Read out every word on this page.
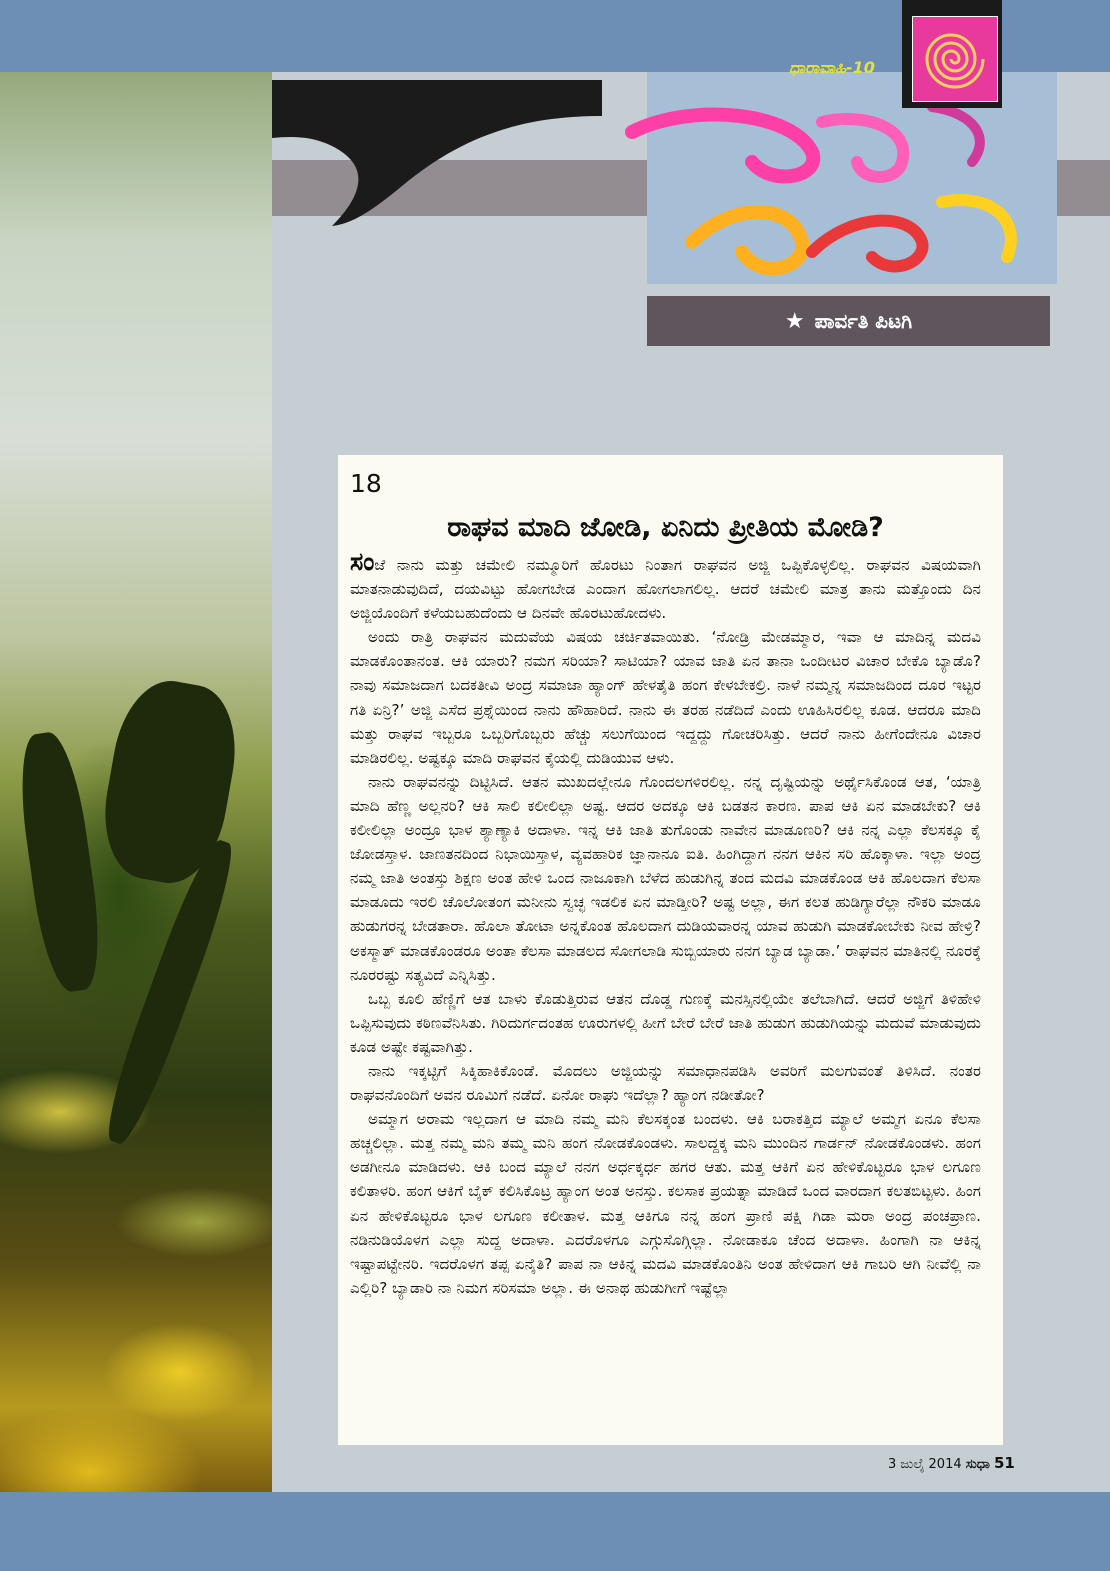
ಧಾರಾವಾಹಿ-10
★ ಪಾರ್ವತಿ ಪಿಟಗಿ
18
ರಾಘವ ಮಾದಿ ಜೋಡಿ, ಏನಿದು ಪ್ರೀತಿಯ ಮೋಡಿ?

ಸಂಜೆ ನಾನು ಮತ್ತು ಚಮೇಲಿ ನಮ್ಮೂರಿಗೆ ಹೊರಟು ನಿಂತಾಗ ರಾಘವನ ಅಜ್ಜಿ ಒಪ್ಪಿಕೊಳ್ಳಲಿಲ್ಲ. ರಾಘವನ ವಿಷಯವಾಗಿ ಮಾತನಾಡುವುದಿದೆ, ದಯವಿಟ್ಟು ಹೋಗಬೇಡ ಎಂದಾಗ ಹೋಗಲಾಗಲಿಲ್ಲ. ಆದರೆ ಚಮೇಲಿ ಮಾತ್ರ ತಾನು ಮತ್ತೊಂದು ದಿನ ಅಜ್ಜಿಯೊಂದಿಗೆ ಕಳೆಯಬಹುದೆಂದು ಆ ದಿನವೇ ಹೊರಟುಹೋದಳು.

ಅಂದು ರಾತ್ರಿ ರಾಘವನ ಮದುವೆಯ ವಿಷಯ ಚರ್ಚಿತವಾಯಿತು. ‘ನೋಡ್ರಿ ಮೇಡಮ್ಮಾರ, ಇವಾ ಆ ಮಾದಿನ್ನ ಮದವಿ ಮಾಡಕೊಂತಾನಂತ. ಆಕಿ ಯಾರು? ನಮಗ ಸರಿಯಾ? ಸಾಟಿಯಾ? ಯಾವ ಜಾತಿ ಏನ ತಾನಾ ಒಂದೀಟರ ವಿಚಾರ ಬೇಕೊ ಬ್ಯಾಡೊ? ನಾವು ಸಮಾಜದಾಗ ಬದಕತೀವಿ ಅಂದ್ರ ಸಮಾಜಾ ಹ್ಯಾಂಗ್ ಹೇಳತೈತಿ ಹಂಗ ಕೇಳಬೇಕಲ್ರಿ. ನಾಳೆ ನಮ್ಮನ್ನ ಸಮಾಜದಿಂದ ದೂರ ಇಟ್ಟರ ಗತಿ ಏನ್ರಿ?’ ಅಜ್ಜಿ ಎಸೆದ ಪ್ರಶ್ನೆಯಿಂದ ನಾನು ಹೌಹಾರಿದೆ. ನಾನು ಈ ತರಹ ನಡೆದಿದೆ ಎಂದು ಊಹಿಸಿರಲಿಲ್ಲ ಕೂಡ. ಆದರೂ ಮಾದಿ ಮತ್ತು ರಾಘವ ಇಬ್ಬರೂ ಒಬ್ಬರಿಗೊಬ್ಬರು ಹೆಚ್ಚು ಸಲುಗೆಯಿಂದ ಇದ್ದದ್ದು ಗೋಚರಿಸಿತ್ತು. ಆದರೆ ನಾನು ಹೀಗೆಂದೇನೂ ವಿಚಾರ ಮಾಡಿರಲಿಲ್ಲ. ಅಷ್ಟಕ್ಕೂ ಮಾದಿ ರಾಘವನ ಕೈಯಲ್ಲಿ ದುಡಿಯುವ ಆಳು.

ನಾನು ರಾಘವನನ್ನು ದಿಟ್ಟಿಸಿದೆ. ಆತನ ಮುಖದಲ್ಲೇನೂ ಗೊಂದಲಗಳಿರಲಿಲ್ಲ. ನನ್ನ ದೃಷ್ಟಿಯನ್ನು ಅರ್ಥೈಸಿಕೊಂಡ ಆತ, ‘ಯಾತ್ರಿ ಮಾದಿ ಹೆಣ್ಣ ಅಲ್ಲನರಿ? ಆಕಿ ಸಾಲಿ ಕಲೀಲಿಲ್ಲಾ ಅಷ್ಟ. ಆದರ ಅದಕ್ಕೂ ಆಕಿ ಬಡತನ ಕಾರಣ. ಪಾಪ ಆಕಿ ಏನ ಮಾಡಬೇಕು? ಆಕಿ ಕಲೀಲಿಲ್ಲಾ ಅಂದ್ರೂ ಭಾಳ ಶ್ಯಾಣ್ಯಾಕಿ ಅದಾಳಾ. ಇನ್ನ ಆಕಿ ಜಾತಿ ತುಗೊಂಡು ನಾವೇನ ಮಾಡೂಣರಿ? ಆಕಿ ನನ್ನ ಎಲ್ಲಾ ಕೆಲಸಕ್ಕೂ ಕೈ ಜೋಡಸ್ತಾಳ. ಜಾಣತನದಿಂದ ನಿಭಾಯಿಸ್ತಾಳ, ವ್ಯವಹಾರಿಕ ಜ್ಞಾನಾನೂ ಐತಿ. ಹಿಂಗಿದ್ದಾಗ ನನಗ ಆಕಿನ ಸರಿ ಹೊಕ್ಕಾಳಾ. ಇಲ್ಲಾ ಅಂದ್ರ ನಮ್ಮ ಜಾತಿ ಅಂತಸ್ತು ಶಿಕ್ಷಣ ಅಂತ ಹೇಳಿ ಒಂದ ನಾಜೂಕಾಗಿ ಬೆಳೆದ ಹುಡುಗಿನ್ನ ತಂದ ಮದವಿ ಮಾಡಕೊಂಡ ಆಕಿ ಹೊಲದಾಗ ಕೆಲಸಾ ಮಾಡೂದು ಇರಲಿ ಚೊಲೋತಂಗ ಮನೀನು ಸ್ವಚ್ಛ ಇಡಲಿಕ ಏನ ಮಾಡ್ತೀರಿ? ಅಷ್ಟ ಅಲ್ಲಾ, ಈಗ ಕಲತ ಹುಡಿಗ್ಯಾರೆಲ್ಲಾ ನೌಕರಿ ಮಾಡೂ ಹುಡುಗರನ್ನ ಬೇಡತಾರಾ. ಹೊಲಾ ತೋಟಾ ಅನ್ನಕೊಂತ ಹೊಲದಾಗ ದುಡಿಯವಾರನ್ನ ಯಾವ ಹುಡುಗಿ ಮಾಡಕೋಬೇಕು ನೀವ ಹೇಳ್ರಿ? ಅಕಸ್ಮಾತ್ ಮಾಡಕೊಂಡರೂ ಅಂತಾ ಕೆಲಸಾ ಮಾಡಲದ ಸೋಗಲಾಡಿ ಸುಬ್ಬಿಯಾರು ನನಗ ಬ್ಯಾಡ ಬ್ಯಾಡಾ.’ ರಾಘವನ ಮಾತಿನಲ್ಲಿ ನೂರಕ್ಕೆ ನೂರರಷ್ಟು ಸತ್ಯವಿದೆ ಎನ್ನಿಸಿತ್ತು.

ಒಬ್ಬ ಕೂಲಿ ಹೆಣ್ಣಿಗೆ ಆತ ಬಾಳು ಕೊಡುತ್ತಿರುವ ಆತನ ದೊಡ್ಡ ಗುಣಕ್ಕೆ ಮನಸ್ಸಿನಲ್ಲಿಯೇ ತಲೆಬಾಗಿದೆ. ಆದರೆ ಅಜ್ಜಿಗೆ ತಿಳಿಹೇಳಿ ಒಪ್ಪಿಸುವುದು ಕಠಿಣವೆನಿಸಿತು. ಗಿರಿದುರ್ಗದಂತಹ ಊರುಗಳಲ್ಲಿ ಹೀಗೆ ಬೇರೆ ಬೇರೆ ಜಾತಿ ಹುಡುಗ ಹುಡುಗಿಯನ್ನು ಮದುವೆ ಮಾಡುವುದು ಕೂಡ ಅಷ್ಟೇ ಕಷ್ಟವಾಗಿತ್ತು.

ನಾನು ಇಕ್ಕಟ್ಟಿಗೆ ಸಿಕ್ಕಿಹಾಕಿಕೊಂಡೆ. ಮೊದಲು ಅಜ್ಜಿಯನ್ನು ಸಮಾಧಾನಪಡಿಸಿ ಅವರಿಗೆ ಮಲಗುವಂತೆ ತಿಳಿಸಿದೆ. ನಂತರ ರಾಘವನೊಂದಿಗೆ ಅವನ ರೂಮಿಗೆ ನಡೆದೆ. ಏನೋ ರಾಘು ಇದೆಲ್ಲಾ? ಹ್ಯಾಂಗ ನಡೀತೋ?

ಅಮ್ಮಾಗ ಅರಾಮ ಇಲ್ಲದಾಗ ಆ ಮಾದಿ ನಮ್ಮ ಮನಿ ಕೆಲಸಕ್ಕಂತ ಬಂದಳು. ಆಕಿ ಬರಾಕತ್ತಿದ ಮ್ಯಾಲೆ ಅಮ್ಮಗ ಏನೂ ಕೆಲಸಾ ಹಚ್ಚಲಿಲ್ಲಾ. ಮತ್ತ ನಮ್ಮ ಮನಿ ತಮ್ಮ ಮನಿ ಹಂಗ ನೋಡಕೊಂಡಳು. ಸಾಲದ್ದಕ್ಕ ಮನಿ ಮುಂದಿನ ಗಾರ್ಡನ್ ನೋಡಕೊಂಡಳು. ಹಂಗ ಅಡಗೀನೂ ಮಾಡಿದಳು. ಆಕಿ ಬಂದ ಮ್ಯಾಲೆ ನನಗ ಅರ್ಧಕ್ಕರ್ಧ ಹಗರ ಆತು. ಮತ್ತ ಆಕಿಗೆ ಏನ ಹೇಳಿಕೊಟ್ಟರೂ ಭಾಳ ಲಗೂಣ ಕಲಿತಾಳರಿ. ಹಂಗ ಆಕಿಗೆ ಬೈಕ್ ಕಲಿಸಿಕೊಟ್ರ ಹ್ಯಾಂಗ ಅಂತ ಅನಸ್ತು. ಕಲಸಾಕ ಪ್ರಯತ್ನಾ ಮಾಡಿದೆ ಒಂದ ವಾರದಾಗ ಕಲತಬಿಟ್ಟಳು. ಹಿಂಗ ಏನ ಹೇಳಿಕೊಟ್ಟರೂ ಭಾಳ ಲಗೂಣ ಕಲೀತಾಳ. ಮತ್ತ ಆಕಿಗೂ ನನ್ನ ಹಂಗ ಪ್ರಾಣಿ ಪಕ್ಷಿ ಗಿಡಾ ಮರಾ ಅಂದ್ರ ಪಂಚಪ್ರಾಣ. ನಡಿನುಡಿಯೊಳಗ ಎಲ್ಲಾ ಸುದ್ದ ಅದಾಳಾ. ಎದರೊಳಗೂ ಎಗ್ಗುಸೊಗ್ಗಿಲ್ಲಾ. ನೋಡಾಕೂ ಚೆಂದ ಅದಾಳಾ. ಹಿಂಗಾಗಿ ನಾ ಆಕಿನ್ನ ಇಷ್ಟಾಪಟ್ಟೇನರಿ. ಇದರೊಳಗ ತಪ್ಪ ಏನೈತಿ? ಪಾಪ ನಾ ಆಕಿನ್ನ ಮದವಿ ಮಾಡಕೊಂತಿನಿ ಅಂತ ಹೇಳಿದಾಗ ಆಕಿ ಗಾಬರಿ ಆಗಿ ನೀವೆಲ್ಲಿ ನಾ ಎಲ್ಲಿರಿ? ಬ್ಯಾಡಾರಿ ನಾ ನಿಮಗ ಸರಿಸಮಾ ಅಲ್ಲಾ. ಈ ಅನಾಥ ಹುಡುಗೀಗೆ ಇಷ್ಟೆಲ್ಲಾ

3 ಜುಲೈ 2014 ಸುಧಾ 51
